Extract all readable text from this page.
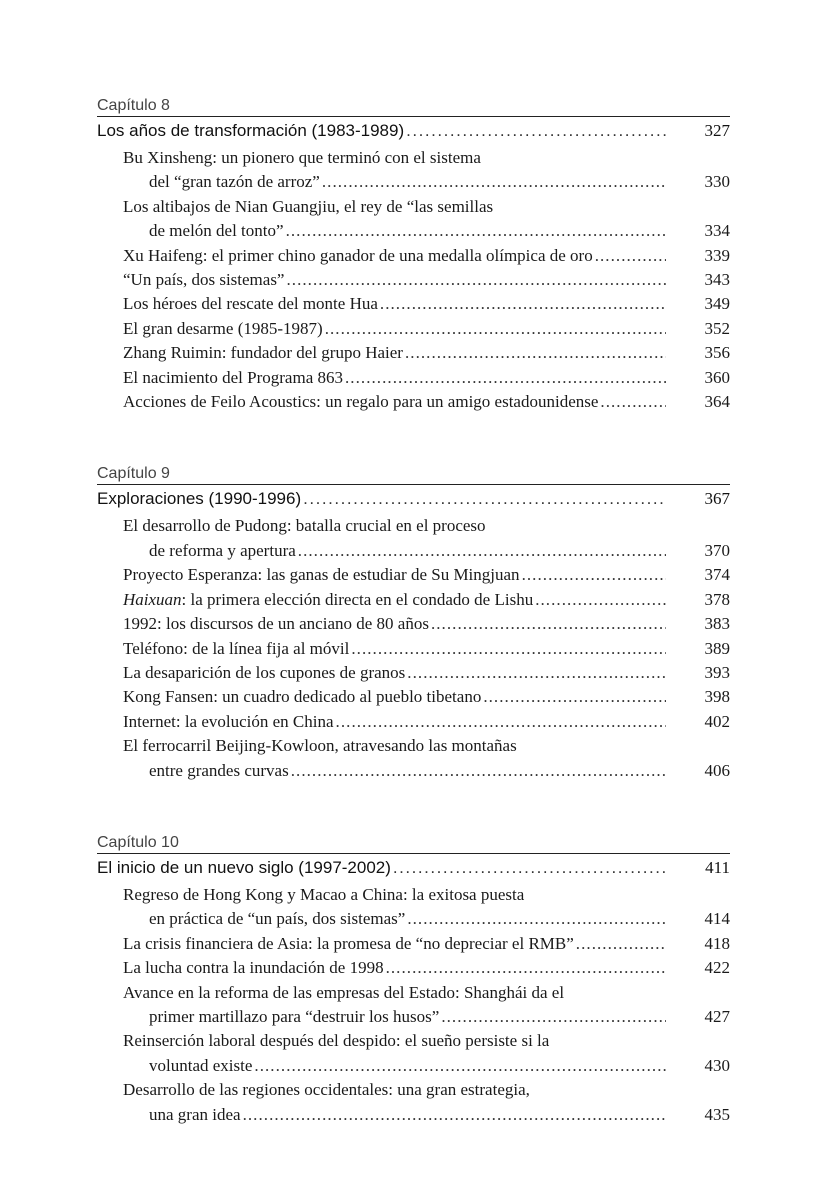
Capítulo 8
Los años de transformación (1983-1989) . . .	327
Bu Xinsheng: un pionero que terminó con el sistema
del “gran tazón de arroz” . . .	330
Los altibajos de Nian Guangjiu, el rey de “las semillas
de melón del tonto” . . .	334
Xu Haifeng: el primer chino ganador de una medalla olímpica de oro . . .	339
“Un país, dos sistemas” . . .	343
Los héroes del rescate del monte Hua . . .	349
El gran desarme (1985-1987) . . .	352
Zhang Ruimin: fundador del grupo Haier . . .	356
El nacimiento del Programa 863 . . .	360
Acciones de Feilo Acoustics: un regalo para un amigo estadounidense . . .	364
Capítulo 9
Exploraciones (1990-1996) . . .	367
El desarrollo de Pudong: batalla crucial en el proceso
de reforma y apertura . . .	370
Proyecto Esperanza: las ganas de estudiar de Su Mingjuan . . .	374
Haixuan: la primera elección directa en el condado de Lishu . . .	378
1992: los discursos de un anciano de 80 años . . .	383
Teléfono: de la línea fija al móvil . . .	389
La desaparición de los cupones de granos . . .	393
Kong Fansen: un cuadro dedicado al pueblo tibetano . . .	398
Internet: la evolución en China . . .	402
El ferrocarril Beijing-Kowloon, atravesando las montañas
entre grandes curvas . . .	406
Capítulo 10
El inicio de un nuevo siglo (1997-2002) . . .	411
Regreso de Hong Kong y Macao a China: la exitosa puesta
en práctica de “un país, dos sistemas” . . .	414
La crisis financiera de Asia: la promesa de “no depreciar el RMB” . . .	418
La lucha contra la inundación de 1998 . . .	422
Avance en la reforma de las empresas del Estado: Shanghái da el
primer martillazo para “destruir los husos” . . .	427
Reinserción laboral después del despido: el sueño persiste si la
voluntad existe . . .	430
Desarrollo de las regiones occidentales: una gran estrategia,
una gran idea . . .	435
